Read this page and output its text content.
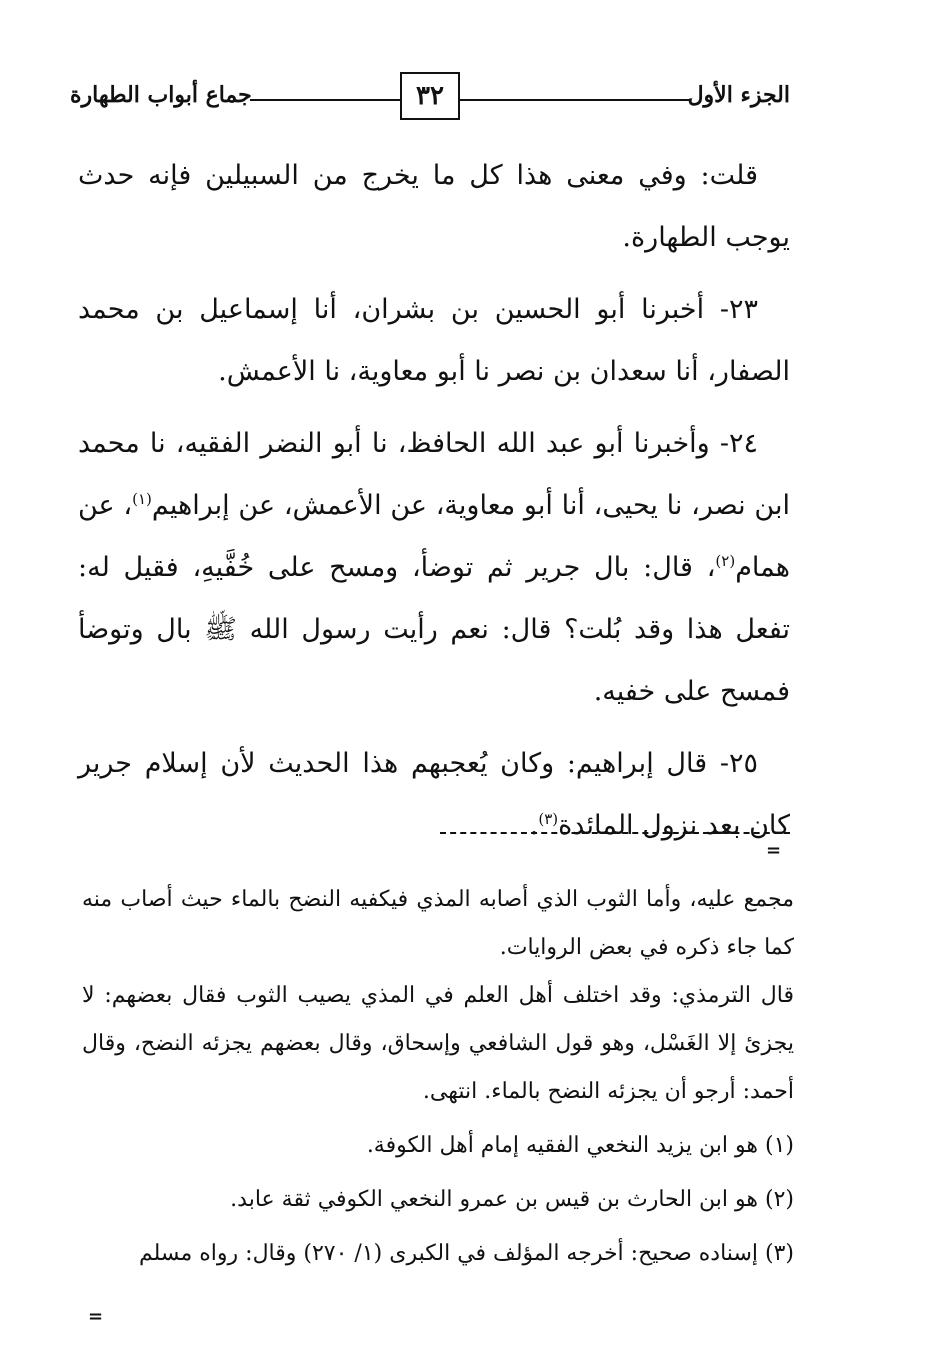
الجزء الأول
٣٢
جماع أبواب الطهارة

قلت: وفي معنى هذا كل ما يخرج من السبيلين فإنه حدث يوجب الطهارة.

٢٣- أخبرنا أبو الحسين بن بشران، أنا إسماعيل بن محمد الصفار، أنا سعدان بن نصر نا أبو معاوية، نا الأعمش.

٢٤- وأخبرنا أبو عبد الله الحافظ، نا أبو النضر الفقيه، نا محمد ابن نصر، نا يحيى، أنا أبو معاوية، عن الأعمش، عن إبراهيم$^{(١)}$، عن همام$^{(٢)}$، قال: بال جرير ثم توضأ، ومسح على خُفَّيهِ، فقيل له: تفعل هذا وقد بُلت؟ قال: نعم رأيت رسول الله ﷺ بال وتوضأ فمسح على خفيه.

٢٥- قال إبراهيم: وكان يُعجبهم هذا الحديث لأن إسلام جرير كان بعد نزول المائدة$^{(٣)}$.

=

مجمع عليه، وأما الثوب الذي أصابه المذي فيكفيه النضح بالماء حيث أصاب منه كما جاء ذكره في بعض الروايات.

قال الترمذي: وقد اختلف أهل العلم في المذي يصيب الثوب فقال بعضهم: لا يجزئ إلا الغَسْل، وهو قول الشافعي وإسحاق، وقال بعضهم يجزئه النضح، وقال أحمد: أرجو أن يجزئه النضح بالماء. انتهى.

(١) هو ابن يزيد النخعي الفقيه إمام أهل الكوفة.

(٢) هو ابن الحارث بن قيس بن عمرو النخعي الكوفي ثقة عابد.

(٣) إسناده صحيح: أخرجه المؤلف في الكبرى (١/ ٢٧٠) وقال: رواه مسلم

=
